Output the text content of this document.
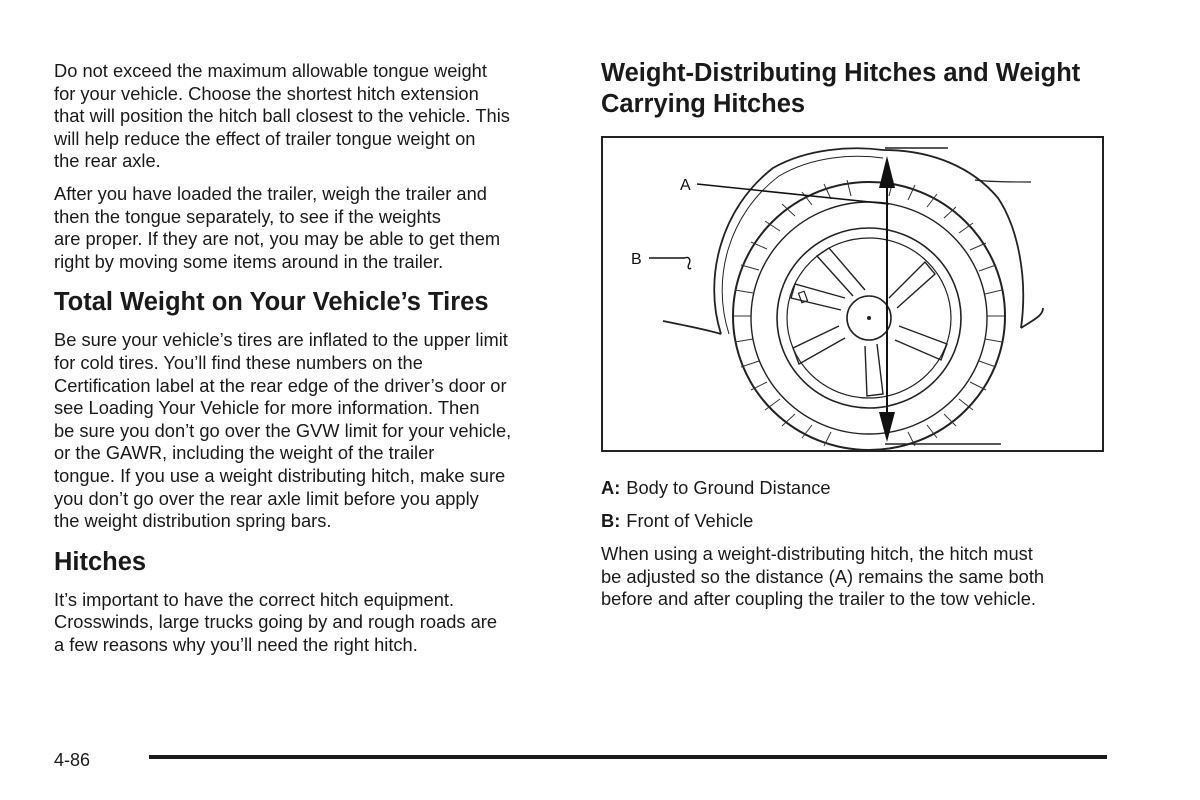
Do not exceed the maximum allowable tongue weight
for your vehicle. Choose the shortest hitch extension
that will position the hitch ball closest to the vehicle. This
will help reduce the effect of trailer tongue weight on
the rear axle.

After you have loaded the trailer, weigh the trailer and
then the tongue separately, to see if the weights
are proper. If they are not, you may be able to get them
right by moving some items around in the trailer.

Total Weight on Your Vehicle’s Tires

Be sure your vehicle’s tires are inflated to the upper limit
for cold tires. You’ll find these numbers on the
Certification label at the rear edge of the driver’s door or
see Loading Your Vehicle for more information. Then
be sure you don’t go over the GVW limit for your vehicle,
or the GAWR, including the weight of the trailer
tongue. If you use a weight distributing hitch, make sure
you don’t go over the rear axle limit before you apply
the weight distribution spring bars.

Hitches

It’s important to have the correct hitch equipment.
Crosswinds, large trucks going by and rough roads are
a few reasons why you’ll need the right hitch.

Weight-Distributing Hitches and Weight
Carrying Hitches
A
B
A: Body to Ground Distance
B: Front of Vehicle

When using a weight-distributing hitch, the hitch must
be adjusted so the distance (A) remains the same both
before and after coupling the trailer to the tow vehicle.

4-86
